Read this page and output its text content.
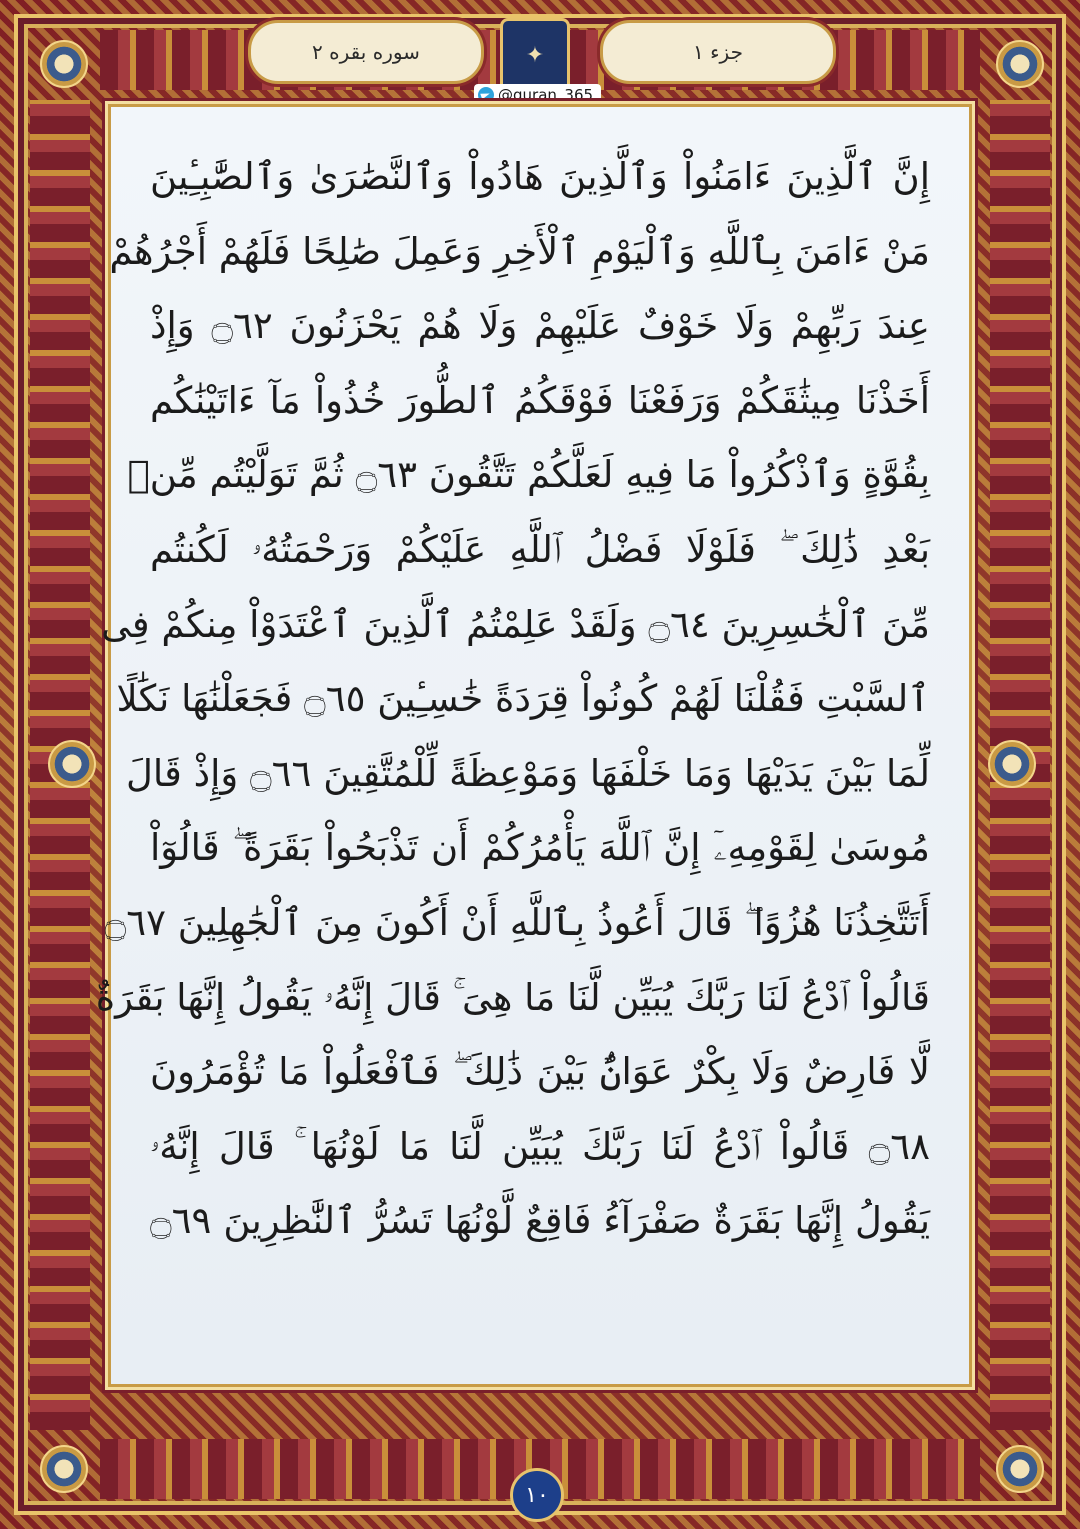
سوره بقره ۲	✦	جزء ۱
@quran_365
إِنَّ ٱلَّذِينَ ءَامَنُواْ وَٱلَّذِينَ هَادُواْ وَٱلنَّصَٰرَىٰ وَٱلصَّٰبِـِٔينَ
مَنْ ءَامَنَ بِٱللَّهِ وَٱلْيَوْمِ ٱلْأَخِرِ وَعَمِلَ صَٰلِحًا فَلَهُمْ أَجْرُهُمْ
عِندَ رَبِّهِمْ وَلَا خَوْفٌ عَلَيْهِمْ وَلَا هُمْ يَحْزَنُونَ ۝٦٢ وَإِذْ
أَخَذْنَا مِيثَٰقَكُمْ وَرَفَعْنَا فَوْقَكُمُ ٱلطُّورَ خُذُواْ مَآ ءَاتَيْنَٰكُم
بِقُوَّةٍ وَٱذْكُرُواْ مَا فِيهِ لَعَلَّكُمْ تَتَّقُونَ ۝٦٣ ثُمَّ تَوَلَّيْتُم مِّنۢ
بَعْدِ ذَٰلِكَ ۖ فَلَوْلَا فَضْلُ ٱللَّهِ عَلَيْكُمْ وَرَحْمَتُهُۥ لَكُنتُم
مِّنَ ٱلْخَٰسِرِينَ ۝٦٤ وَلَقَدْ عَلِمْتُمُ ٱلَّذِينَ ٱعْتَدَوْاْ مِنكُمْ فِى
ٱلسَّبْتِ فَقُلْنَا لَهُمْ كُونُواْ قِرَدَةً خَٰسِـِٔينَ ۝٦٥ فَجَعَلْنَٰهَا نَكَٰلًا
لِّمَا بَيْنَ يَدَيْهَا وَمَا خَلْفَهَا وَمَوْعِظَةً لِّلْمُتَّقِينَ ۝٦٦ وَإِذْ قَالَ
مُوسَىٰ لِقَوْمِهِۦٓ إِنَّ ٱللَّهَ يَأْمُرُكُمْ أَن تَذْبَحُواْ بَقَرَةً ۖ قَالُوٓاْ
أَتَتَّخِذُنَا هُزُوًا ۖ قَالَ أَعُوذُ بِٱللَّهِ أَنْ أَكُونَ مِنَ ٱلْجَٰهِلِينَ ۝٦٧
قَالُواْ ٱدْعُ لَنَا رَبَّكَ يُبَيِّن لَّنَا مَا هِىَ ۚ قَالَ إِنَّهُۥ يَقُولُ إِنَّهَا بَقَرَةٌ
لَّا فَارِضٌ وَلَا بِكْرٌ عَوَانٌۢ بَيْنَ ذَٰلِكَ ۖ فَٱفْعَلُواْ مَا تُؤْمَرُونَ
۝٦٨ قَالُواْ ٱدْعُ لَنَا رَبَّكَ يُبَيِّن لَّنَا مَا لَوْنُهَا ۚ قَالَ إِنَّهُۥ
يَقُولُ إِنَّهَا بَقَرَةٌ صَفْرَآءُ فَاقِعٌ لَّوْنُهَا تَسُرُّ ٱلنَّٰظِرِينَ ۝٦٩
۱۰
